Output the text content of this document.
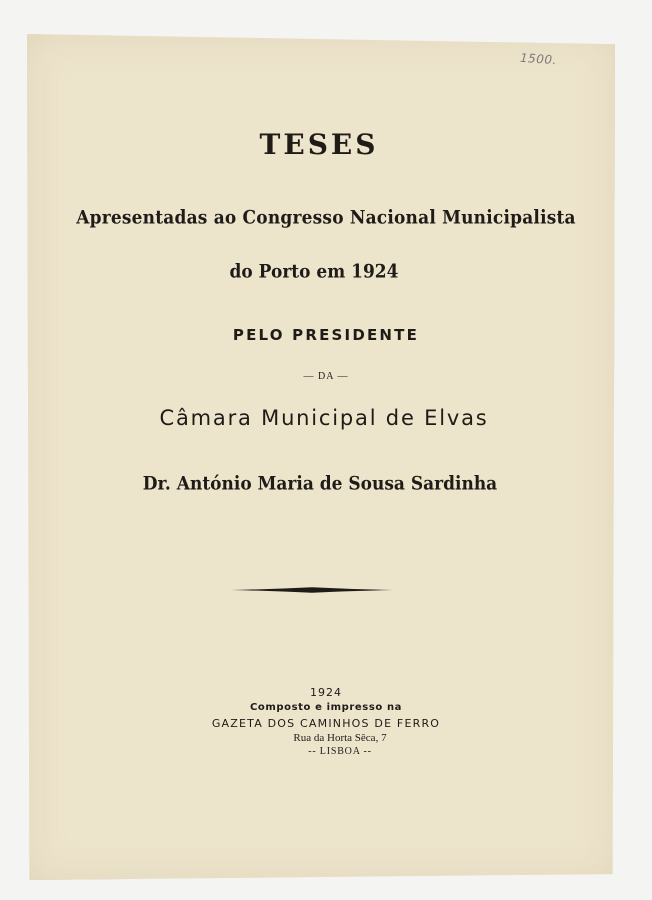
1500.
TESES
Apresentadas ao Congresso Nacional Municipalista
do Porto em 1924
PELO PRESIDENTE
— DA —
Câmara Municipal de Elvas
Dr. António Maria de Sousa Sardinha
1924
Composto e impresso na
GAZETA DOS CAMINHOS DE FERRO
Rua da Horta Sêca, 7
-- LISBOA --
